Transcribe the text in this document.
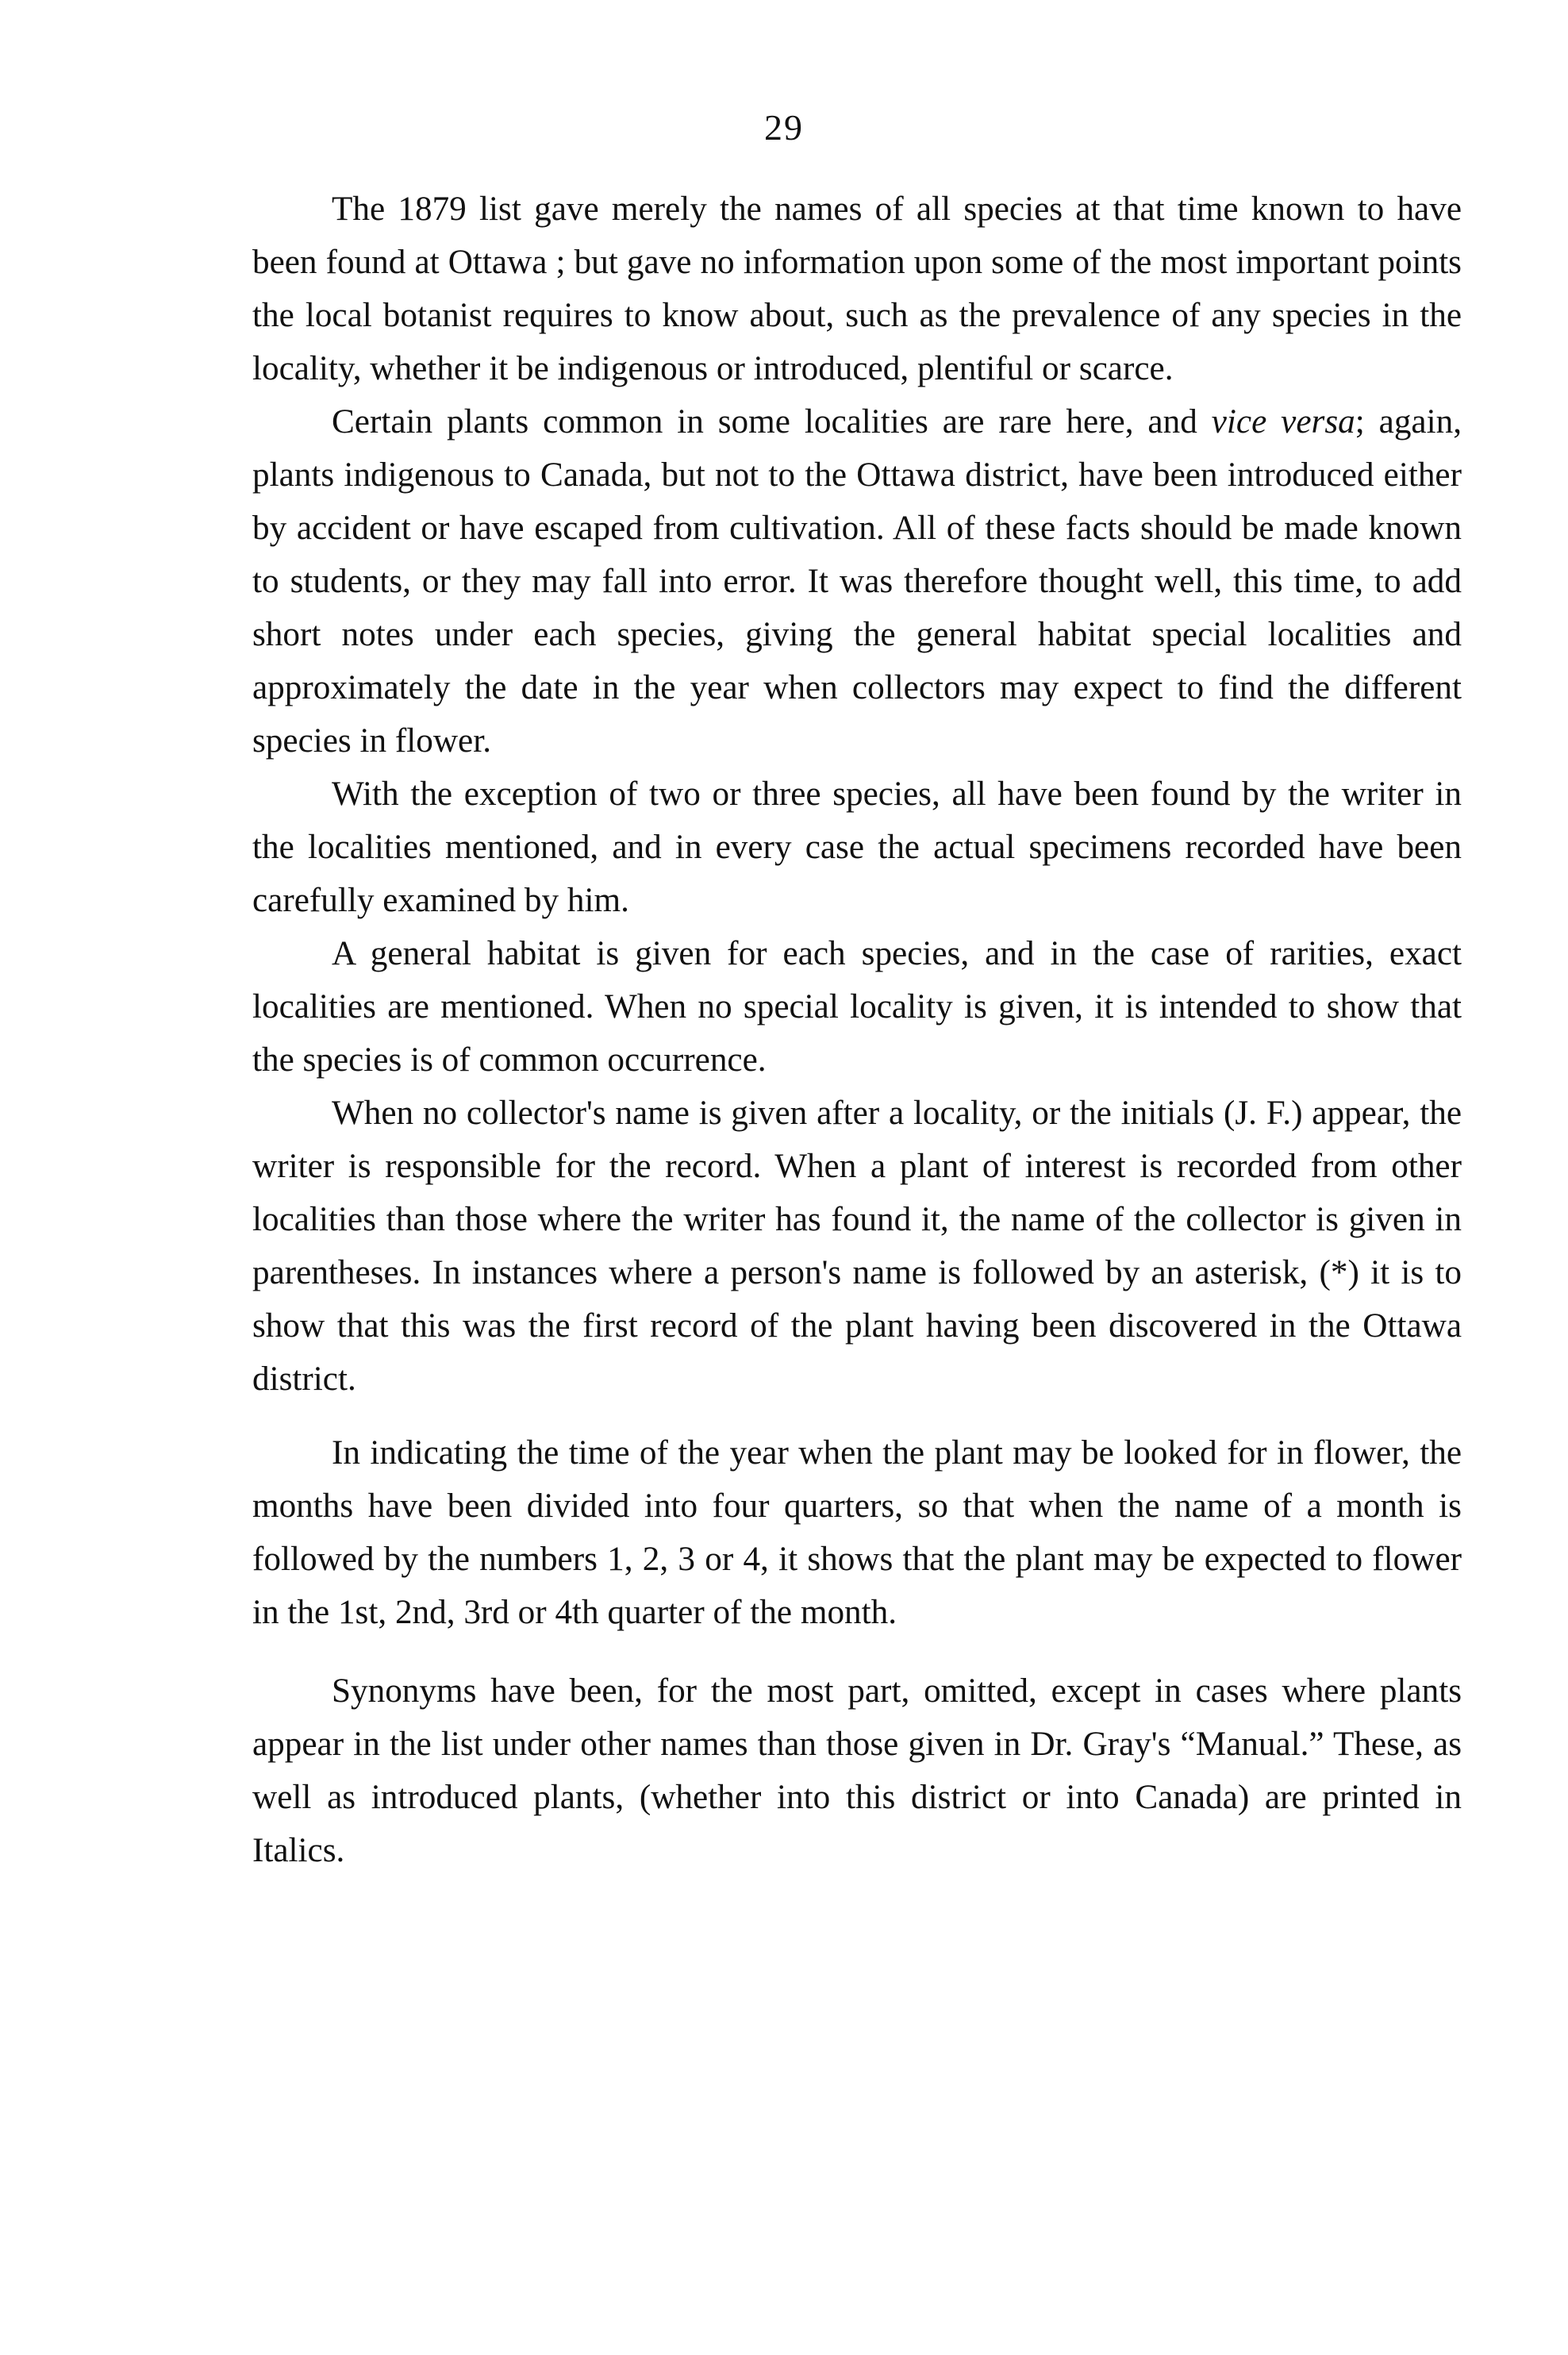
29

The 1879 list gave merely the names of all species at that time known to have been found at Ottawa ; but gave no information upon some of the most important points the local botanist requires to know about, such as the prevalence of any species in the locality, whether it be indigenous or introduced, plentiful or scarce.

Certain plants common in some localities are rare here, and vice versa; again, plants indigenous to Canada, but not to the Ottawa district, have been introduced either by accident or have escaped from cultivation. All of these facts should be made known to students, or they may fall into error. It was therefore thought well, this time, to add short notes under each species, giving the general habitat special localities and approximately the date in the year when collectors may expect to find the different species in flower.

With the exception of two or three species, all have been found by the writer in the localities mentioned, and in every case the actual specimens recorded have been carefully examined by him.

A general habitat is given for each species, and in the case of rarities, exact localities are mentioned. When no special locality is given, it is intended to show that the species is of common occurrence.

When no collector's name is given after a locality, or the initials (J. F.) appear, the writer is responsible for the record. When a plant of interest is recorded from other localities than those where the writer has found it, the name of the collector is given in parentheses. In instances where a person's name is followed by an asterisk, (*) it is to show that this was the first record of the plant having been discovered in the Ottawa district.

In indicating the time of the year when the plant may be looked for in flower, the months have been divided into four quarters, so that when the name of a month is followed by the numbers 1, 2, 3 or 4, it shows that the plant may be expected to flower in the 1st, 2nd, 3rd or 4th quarter of the month.

Synonyms have been, for the most part, omitted, except in cases where plants appear in the list under other names than those given in Dr. Gray's “Manual.” These, as well as introduced plants, (whether into this district or into Canada) are printed in Italics.
